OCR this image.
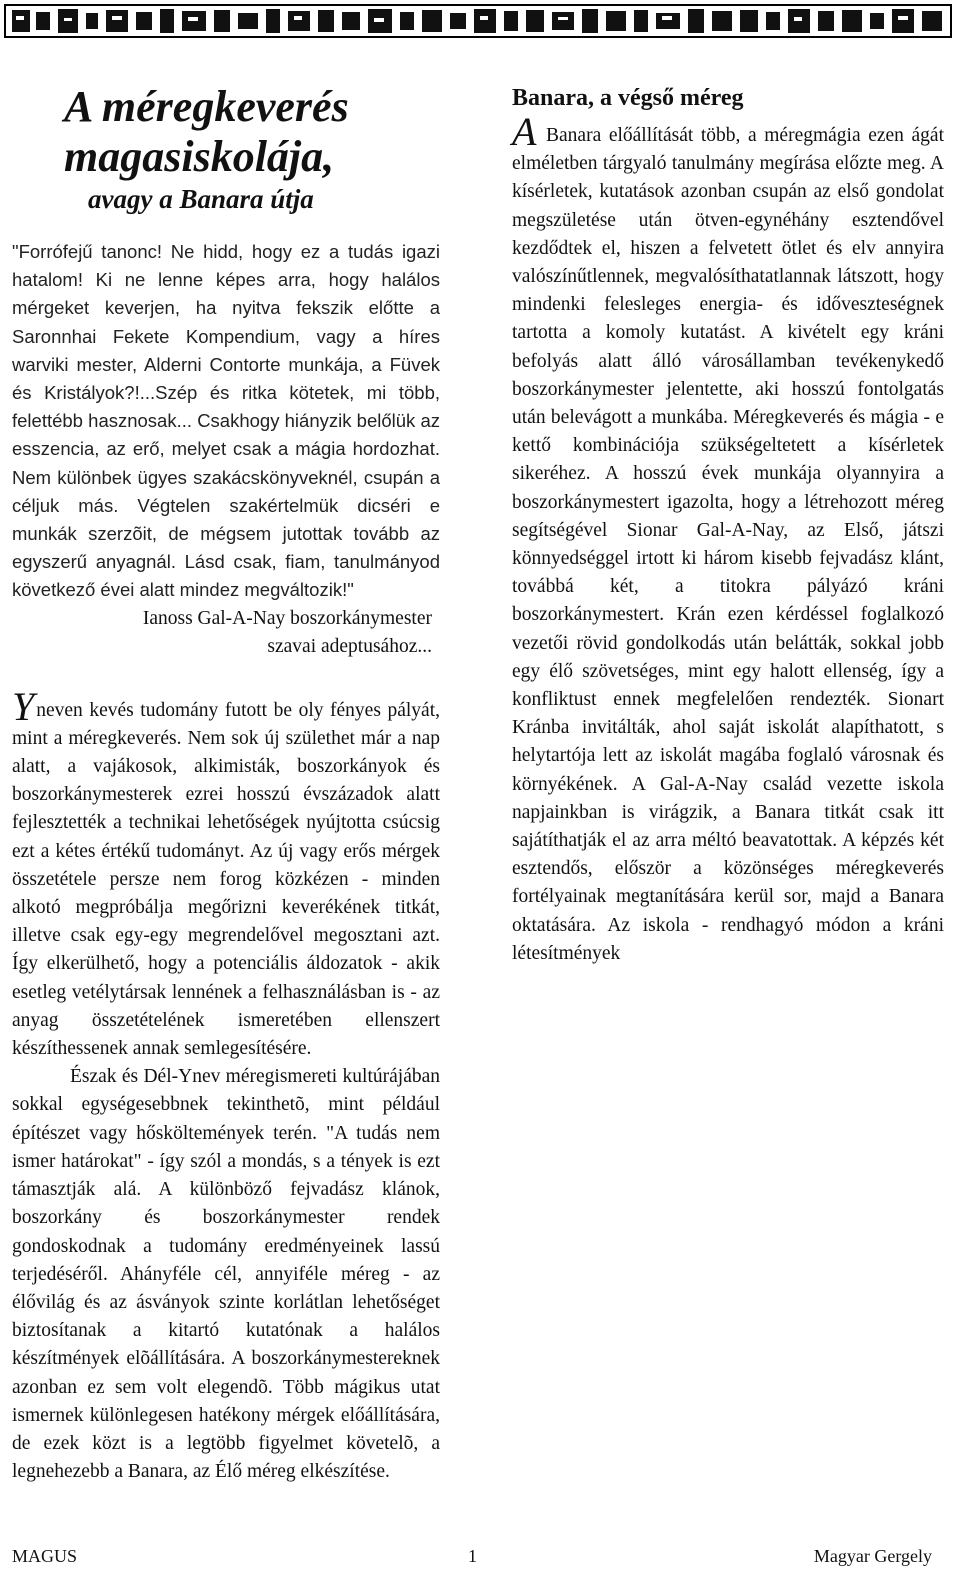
A méregkeverés
magasiskolája,
avagy a Banara útja

"Forrófejű tanonc! Ne hidd, hogy ez a tudás igazi hatalom! Ki ne lenne képes arra, hogy halálos mérgeket keverjen, ha nyitva fekszik előtte a Saronnhai Fekete Kompendium, vagy a híres warviki mester, Alderni Contorte munkája, a Füvek és Kristályok?!...Szép és ritka kötetek, mi több, felettébb hasznosak... Csakhogy hiányzik belőlük az esszencia, az erő, melyet csak a mágia hordozhat. Nem különbek ügyes szakácskönyveknél, csupán a céljuk más. Végtelen szakértelmük dicséri e munkák szerzõit, de mégsem jutottak tovább az egyszerű anyagnál. Lásd csak, fiam, tanulmányod következő évei alatt mindez megváltozik!"

Ianoss Gal-A-Nay boszorkánymester
szavai adeptusához...

Yneven kevés tudomány futott be oly fényes pályát, mint a méregkeverés. Nem sok új születhet már a nap alatt, a vajákosok, alkimisták, boszorkányok és boszorkánymesterek ezrei hosszú évszázadok alatt fejlesztették a technikai lehetőségek nyújtotta csúcsig ezt a kétes értékű tudományt. Az új vagy erős mérgek összetétele persze nem forog közkézen - minden alkotó megpróbálja megőrizni keverékének titkát, illetve csak egy-egy megrendelővel megosztani azt. Így elkerülhető, hogy a potenciális áldozatok - akik esetleg vetélytársak lennének a felhasználásban is - az anyag összetételének ismeretében ellenszert készíthessenek annak semlegesítésére.

Észak és Dél-Ynev méregismereti kultúrájában sokkal egységesebbnek tekinthetõ, mint például építészet vagy hősköltemények terén. "A tudás nem ismer határokat" - így szól a mondás, s a tények is ezt támasztják alá. A különböző fejvadász klánok, boszorkány és boszorkánymester rendek gondoskodnak a tudomány eredményeinek lassú terjedéséről. Ahányféle cél, annyiféle méreg - az élővilág és az ásványok szinte korlátlan lehetőséget biztosítanak a kitartó kutatónak a halálos készítmények elõállítására. A boszorkánymestereknek azonban ez sem volt elegendõ. Több mágikus utat ismernek különlegesen hatékony mérgek előállítására, de ezek közt is a legtöbb figyelmet követelõ, a legnehezebb a Banara, az Élő méreg elkészítése.

Banara, a végső méreg

A Banara előállítását több, a méregmágia ezen ágát elméletben tárgyaló tanulmány megírása előzte meg. A kísérletek, kutatások azonban csupán az első gondolat megszületése után ötven-egynéhány esztendővel kezdődtek el, hiszen a felvetett ötlet és elv annyira valószínűtlennek, megvalósíthatatlannak látszott, hogy mindenki felesleges energia- és időveszteségnek tartotta a komoly kutatást. A kivételt egy kráni befolyás alatt álló városállamban tevékenykedő boszorkánymester jelentette, aki hosszú fontolgatás után belevágott a munkába. Méregkeverés és mágia - e kettő kombinációja szükségeltetett a kísérletek sikeréhez. A hosszú évek munkája olyannyira a boszorkánymestert igazolta, hogy a létrehozott méreg segítségével Sionar Gal-A-Nay, az Első, játszi könnyedséggel irtott ki három kisebb fejvadász klánt, továbbá két, a titokra pályázó kráni boszorkánymestert. Krán ezen kérdéssel foglalkozó vezetői rövid gondolkodás után belátták, sokkal jobb egy élő szövetséges, mint egy halott ellenség, így a konfliktust ennek megfelelően rendezték. Sionart Kránba invitálták, ahol saját iskolát alapíthatott, s helytartója lett az iskolát magába foglaló városnak és környékének. A Gal-A-Nay család vezette iskola napjainkban is virágzik, a Banara titkát csak itt sajátíthatják el az arra méltó beavatottak. A képzés két esztendős, először a közönséges méregkeverés fortélyainak megtanítására kerül sor, majd a Banara oktatására. Az iskola - rendhagyó módon a kráni létesítmények

MAGUS	1	Magyar Gergely
